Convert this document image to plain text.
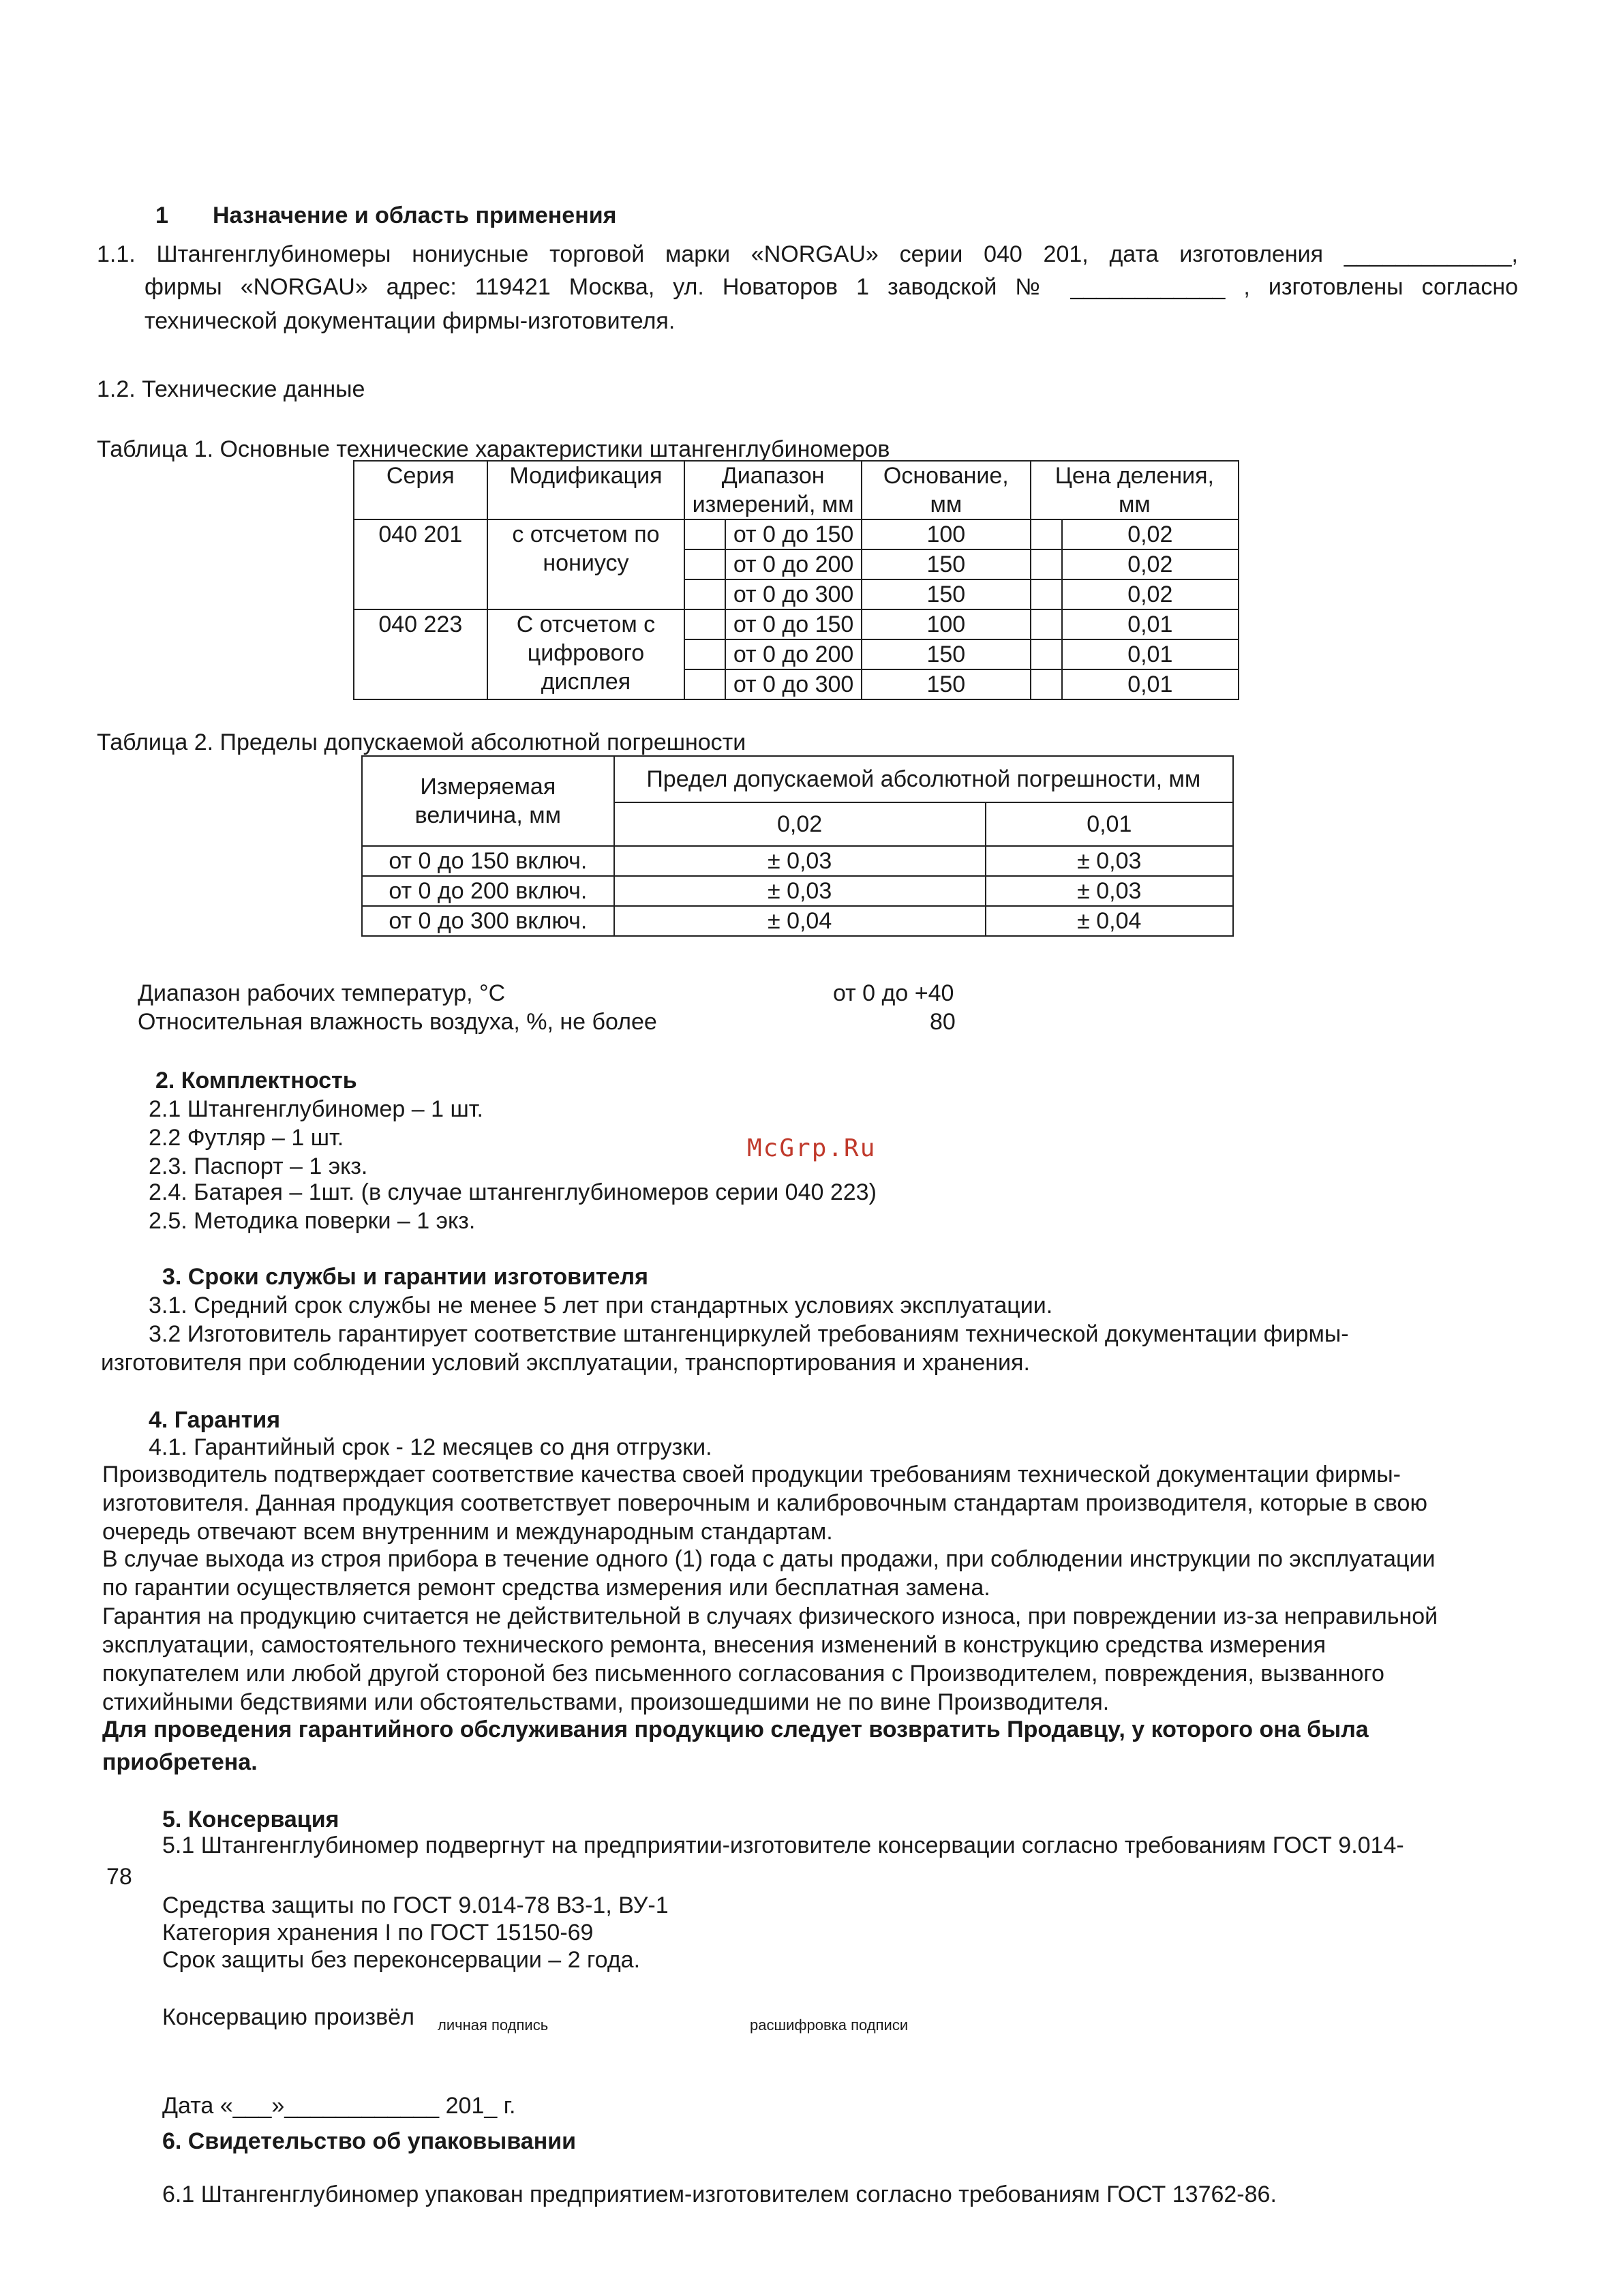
1 Назначение и область применения
1.1. Штангенглубиномеры нониусные торговой марки «NORGAU» серии 040 201, дата изготовления _____________,
фирмы «NORGAU» адрес: 119421 Москва, ул. Новаторов 1 заводской № ____________ , изготовлены согласно
технической документации фирмы-изготовителя.
1.2. Технические данные
Таблица 1. Основные технические характеристики штангенглубиномеров
Серия	Модификация	Диапазон измерений, мм		Основание, мм	Цена деления, мм	
040 201	с отсчетом по нониусу		от 0 до 150	100		0,02
			от 0 до 200	150		0,02
			от 0 до 300	150		0,02
040 223	С отсчетом с цифрового дисплея		от 0 до 150	100		0,01
			от 0 до 200	150		0,01
			от 0 до 300	150		0,01
Таблица 2. Пределы допускаемой абсолютной погрешности
Измеряемая величина, мм	Предел допускаемой абсолютной погрешности, мм	
	0,02	0,01
от 0 до 150 включ.	± 0,03	± 0,03
от 0 до 200 включ.	± 0,03	± 0,03
от 0 до 300 включ.	± 0,04	± 0,04
Диапазон рабочих температур, °С	от 0 до +40
Относительная влажность воздуха, %, не более	80
McGrp.Ru
2. Комплектность
2.1 Штангенглубиномер – 1 шт.
2.2 Футляр – 1 шт.
2.3. Паспорт – 1 экз.
2.4. Батарея – 1шт. (в случае штангенглубиномеров серии 040 223)
2.5. Методика поверки – 1 экз.
3. Сроки службы и гарантии изготовителя
3.1. Средний срок службы не менее 5 лет при стандартных условиях эксплуатации.
3.2 Изготовитель гарантирует соответствие штангенциркулей требованиям технической документации фирмы-
изготовителя при соблюдении условий эксплуатации, транспортирования и хранения.
4. Гарантия
4.1. Гарантийный срок - 12 месяцев со дня отгрузки.
Производитель подтверждает соответствие качества своей продукции требованиям технической документации фирмы-
изготовителя. Данная продукция соответствует поверочным и калибровочным стандартам производителя, которые в свою
очередь отвечают всем внутренним и международным стандартам.
В случае выхода из строя прибора в течение одного (1) года с даты продажи, при соблюдении инструкции по эксплуатации
по гарантии осуществляется ремонт средства измерения или бесплатная замена.
Гарантия на продукцию считается не действительной в случаях физического износа, при повреждении из-за неправильной
эксплуатации, самостоятельного технического ремонта, внесения изменений в конструкцию средства измерения
покупателем или любой другой стороной без письменного согласования с Производителем, повреждения, вызванного
стихийными бедствиями или обстоятельствами, произошедшими не по вине Производителя.
Для проведения гарантийного обслуживания продукцию следует возвратить Продавцу, у которого она была
приобретена.
5. Консервация
5.1 Штангенглубиномер подвергнут на предприятии-изготовителе консервации согласно требованиям ГОСТ 9.014-
78
Средства защиты по ГОСТ 9.014-78 ВЗ-1, ВУ-1
Категория хранения I по ГОСТ 15150-69
Срок защиты без переконсервации – 2 года.
Консервацию произвёл личная подпись	расшифровка подписи
Дата «___»____________ 201_ г.
6. Свидетельство об упаковывании
6.1 Штангенглубиномер упакован предприятием-изготовителем согласно требованиям ГОСТ 13762-86.
